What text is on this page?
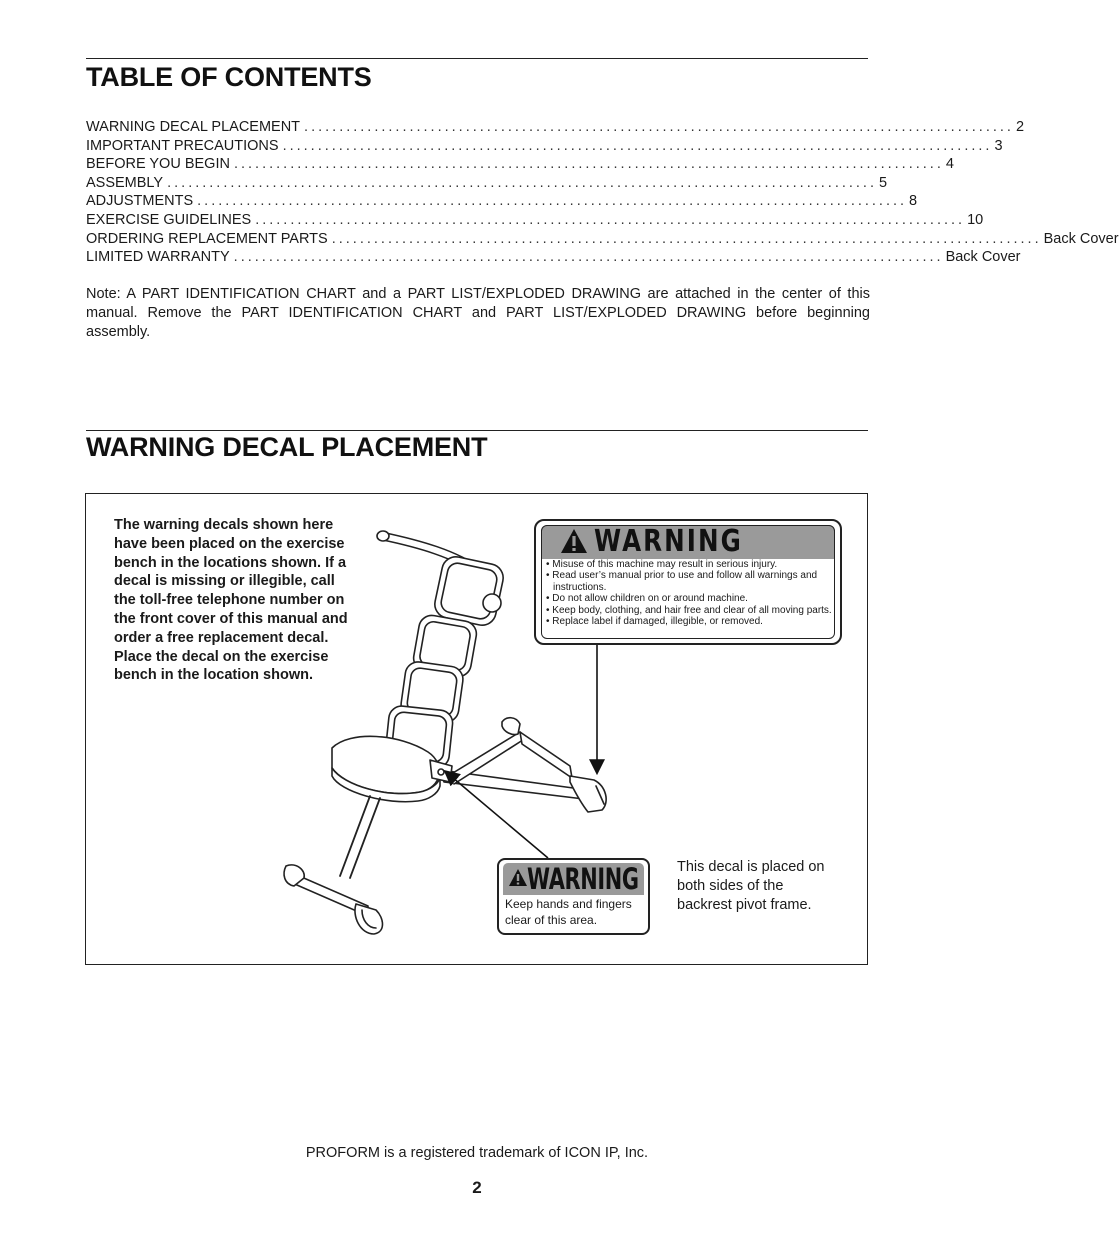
TABLE OF CONTENTS
WARNING DECAL PLACEMENT ..................................................................................................... 2
IMPORTANT PRECAUTIONS ..................................................................................................... 3
BEFORE YOU BEGIN ..................................................................................................... 4
ASSEMBLY ..................................................................................................... 5
ADJUSTMENTS ..................................................................................................... 8
EXERCISE GUIDELINES ..................................................................................................... 10
ORDERING REPLACEMENT PARTS ..................................................................................................... Back Cover
LIMITED WARRANTY ..................................................................................................... Back Cover

Note: A PART IDENTIFICATION CHART and a PART LIST/EXPLODED DRAWING are attached in the center of this manual. Remove the PART IDENTIFICATION CHART and PART LIST/EXPLODED DRAWING before beginning assembly.

WARNING DECAL PLACEMENT

The warning decals shown here have been placed on the exercise bench in the locations shown. If a decal is missing or illegible, call the toll-free telephone number on the front cover of this manual and order a free replacement decal. Place the decal on the exercise bench in the location shown.

WARNING
• Misuse of this machine may result in serious injury.
• Read user’s manual prior to use and follow all warnings and instructions.
• Do not allow children on or around machine.
• Keep body, clothing, and hair free and clear of all moving parts.
• Replace label if damaged, illegible, or removed.
WARNING
Keep hands and fingers clear of this area.

This decal is placed on both sides of the backrest pivot frame.

PROFORM is a registered trademark of ICON IP, Inc.
2
